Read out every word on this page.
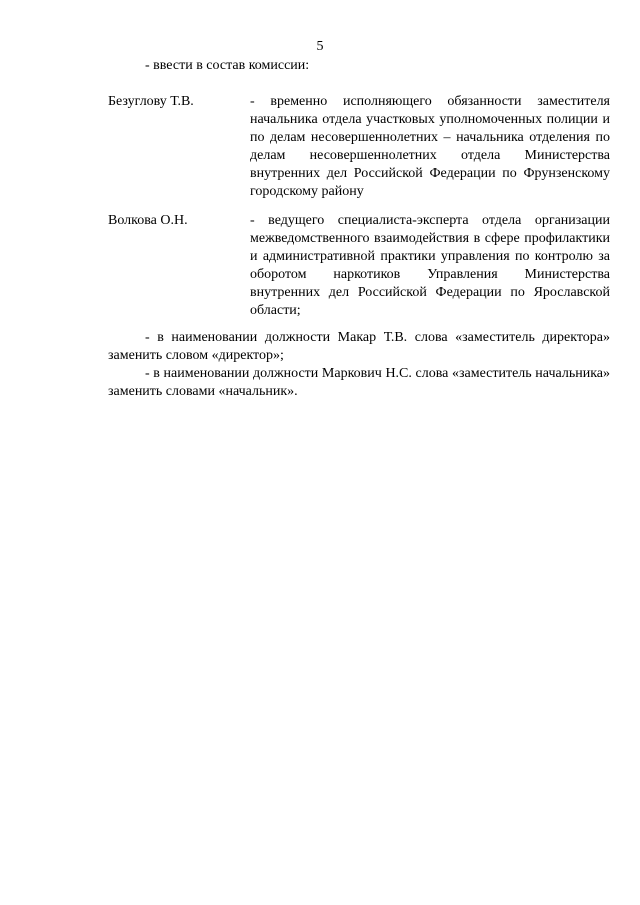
5
- ввести в состав комиссии:
Безуглову Т.В.	- временно исполняющего обязанности заместителя начальника отдела участковых уполномоченных полиции и по делам несовершеннолетних – начальника отделения по делам несовершеннолетних отдела Министерства внутренних дел Российской Федерации по Фрунзенскому городскому району
Волкова О.Н.	- ведущего специалиста-эксперта отдела организации межведомственного взаимодействия в сфере профилактики и административной практики управления по контролю за оборотом наркотиков Управления Министерства внутренних дел Российской Федерации по Ярославской области;
- в наименовании должности Макар Т.В. слова «заместитель директора» заменить словом «директор»;
- в наименовании должности Маркович Н.С. слова «заместитель начальника» заменить словами «начальник».
